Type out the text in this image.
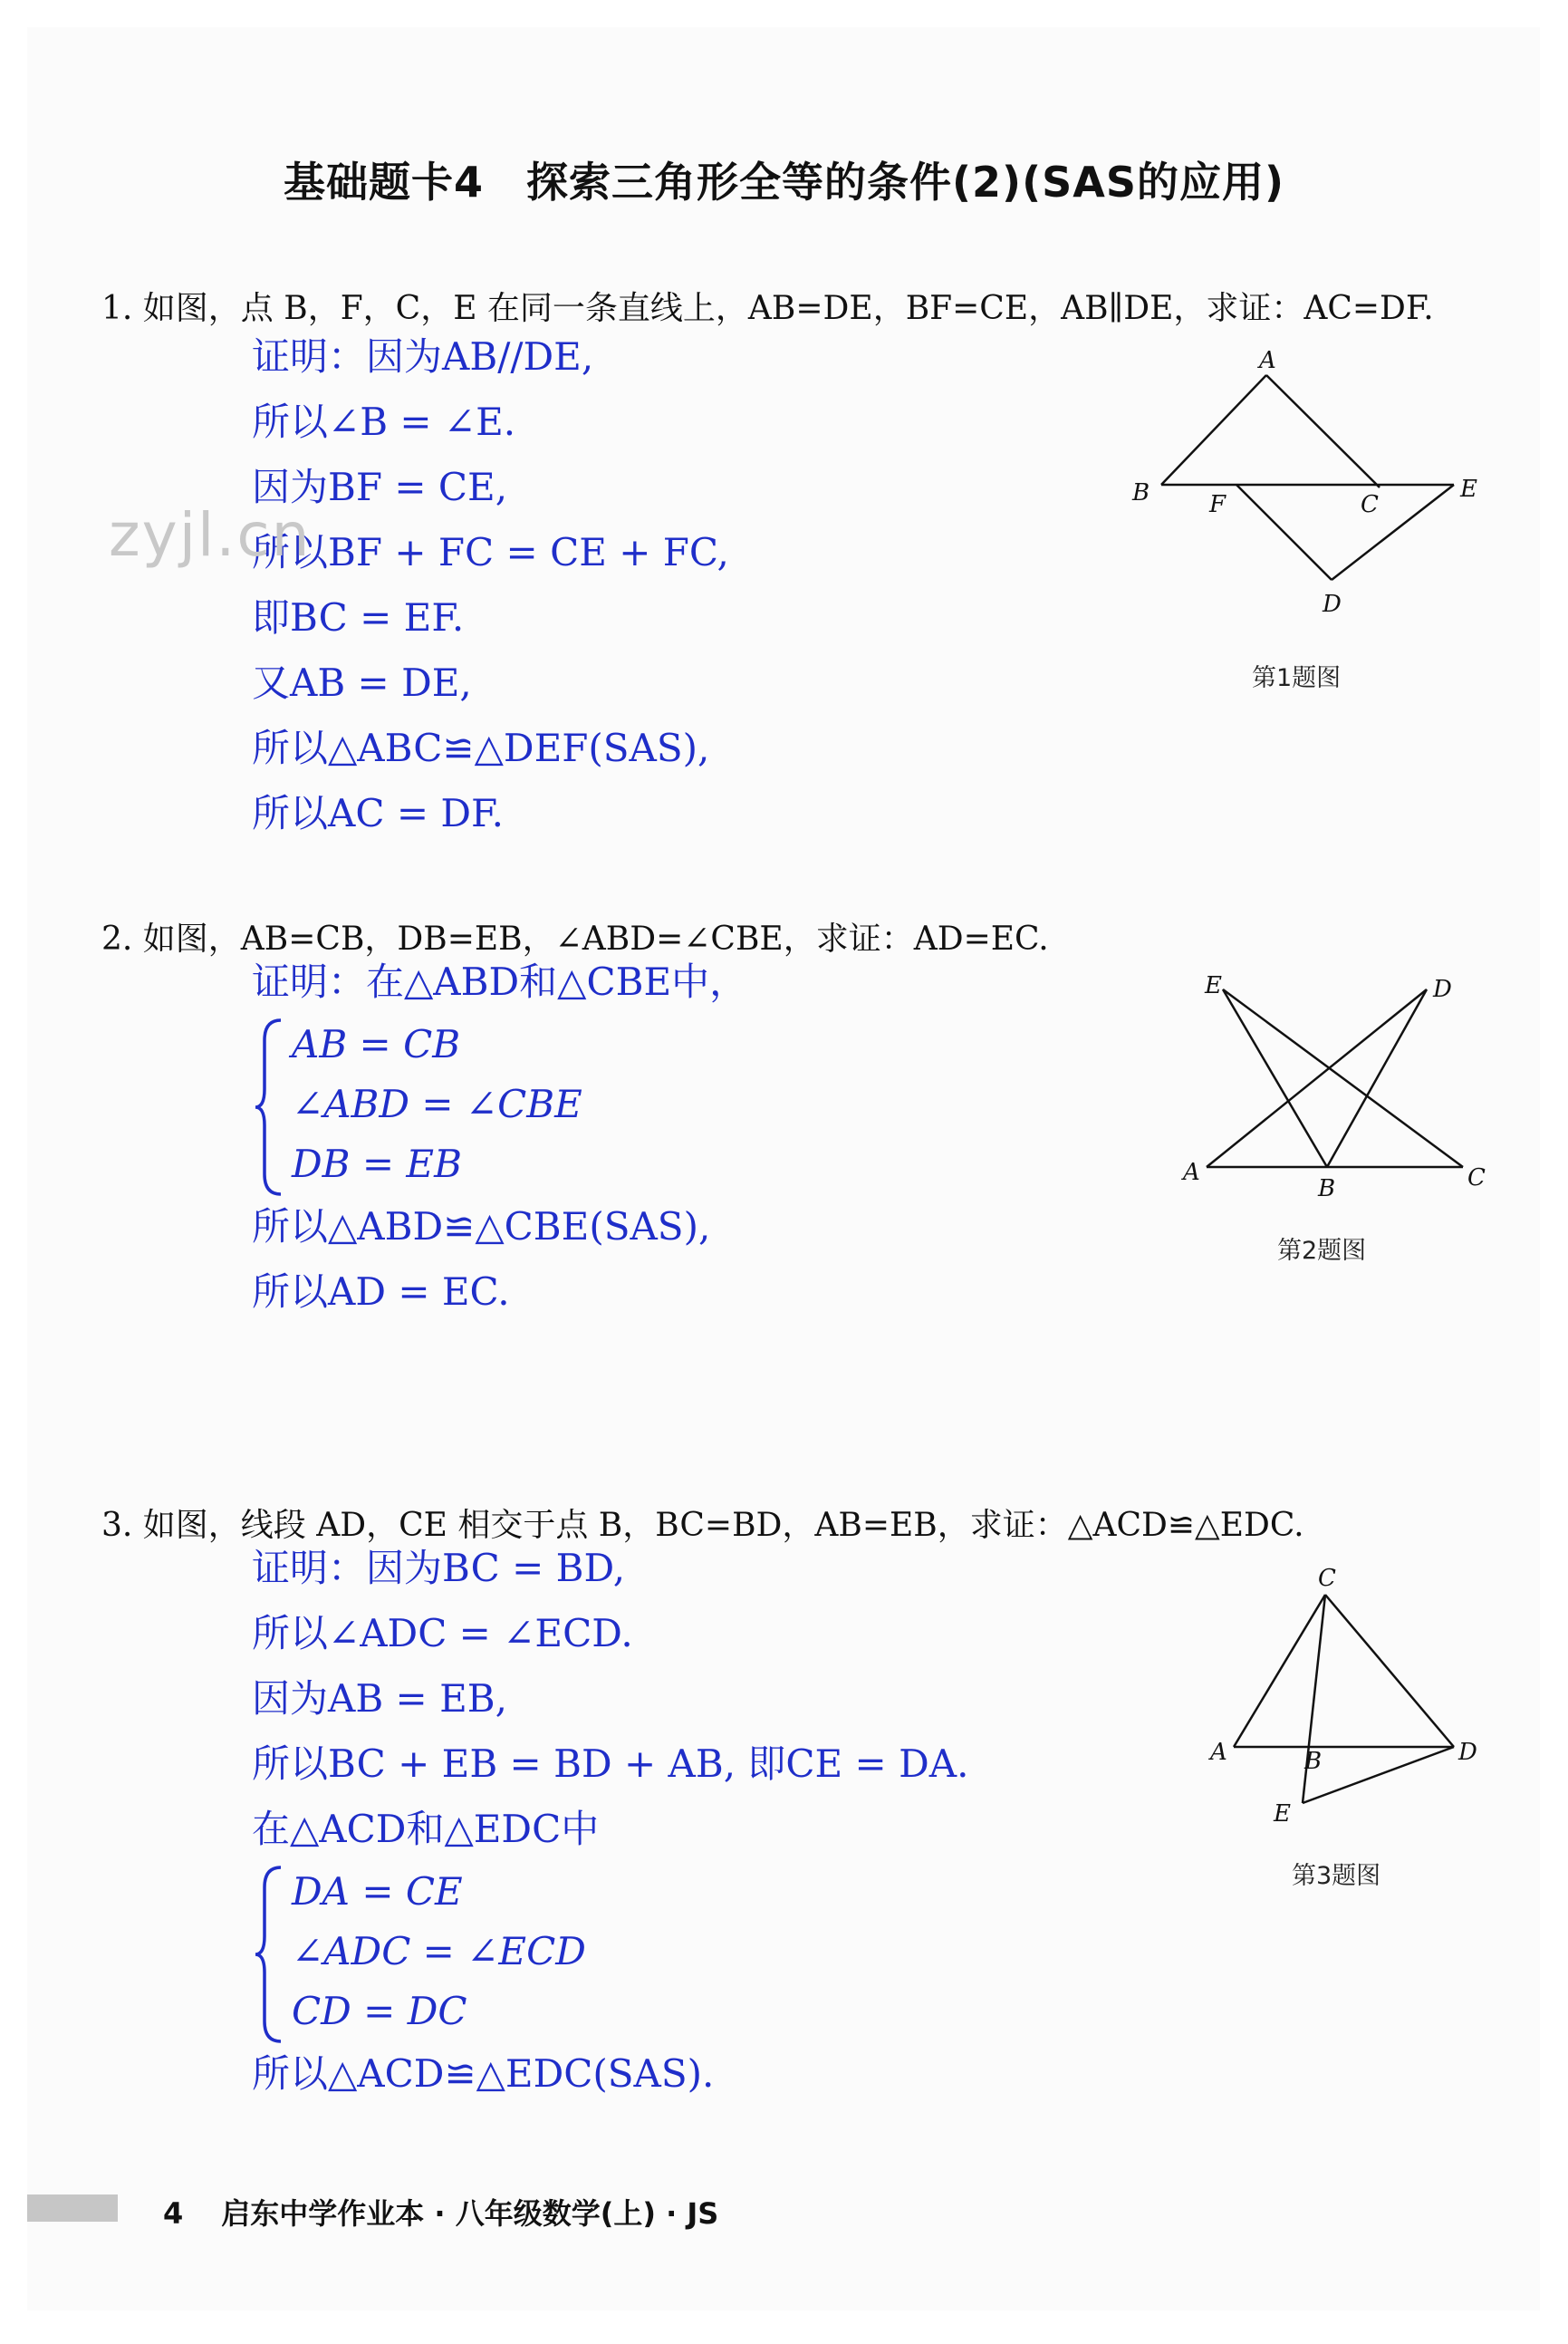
基础题卡4　探索三角形全等的条件(2)(SAS的应用)
1. 如图，点 B，F，C，E 在同一条直线上，AB=DE，BF=CE，AB∥DE，求证：AC=DF.
证明：因为AB//DE,
所以∠B = ∠E.
因为BF = CE,
所以BF + FC = CE + FC,
即BC = EF.
又AB = DE,
所以△ABC≌△DEF(SAS),
所以AC = DF.
zyjl.cn
A
B	F	C
E
D
第1题图
2. 如图，AB=CB，DB=EB，∠ABD=∠CBE，求证：AD=EC.
证明：在△ABD和△CBE中，
AB = CB
∠ABD = ∠CBE
DB = EB
所以△ABD≌△CBE(SAS),
所以AD = EC.
E	D
A
B	C
第2题图
3. 如图，线段 AD，CE 相交于点 B，BC=BD，AB=EB，求证：△ACD≌△EDC.
证明：因为BC = BD,
所以∠ADC = ∠ECD.
因为AB = EB,
所以BC + EB = BD + AB, 即CE = DA.
在△ACD和△EDC中
DA = CE
∠ADC = ∠ECD
CD = DC
所以△ACD≌△EDC(SAS).
C
A	B	D
E
第3题图
4 启东中学作业本 · 八年级数学(上) · JS
